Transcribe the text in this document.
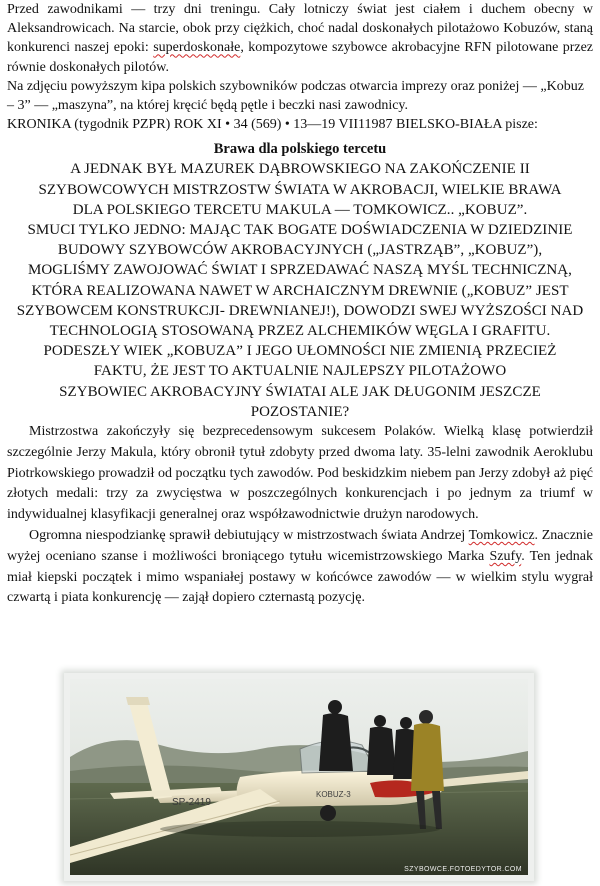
Przed zawodnikami — trzy dni treningu. Cały lotniczy świat jest ciałem i duchem obecny w Aleksandrowicach. Na starcie, obok przy ciężkich, choć nadal doskonałych pilotażowo Kobuzów, staną konkurenci naszej epoki: superdoskonałe, kompozytowe szybowce akrobacyjne RFN pilotowane przez równie doskonałych pilotów.

Na zdjęciu powyższym kipa polskich szybowników podczas otwarcia imprezy oraz poniżej — „Kobuz – 3” — „maszyna”, na której kręcić będą pętle i beczki nasi zawodnicy.

KRONIKA (tygodnik PZPR) ROK XI • 34 (569) • 13—19 VII11987 BIELSKO-BIAŁA pisze:

Brawa dla polskiego tercetu

A JEDNAK BYŁ MAZUREK DĄBROWSKIEGO NA ZAKOŃCZENIE II

SZYBOWCOWYCH MISTRZOSTW ŚWIATA W AKROBACJI, WIELKIE BRAWA

DLA POLSKIEGO TERCETU MAKULA — TOMKOWICZ.. „KOBUZ”.

SMUCI TYLKO JEDNO: MAJĄC TAK BOGATE DOŚWIADCZENIA W DZIEDZINIE

BUDOWY SZYBOWCÓW AKROBACYJNYCH („JASTRZĄB”, „KOBUZ”),

MOGLIŚMY ZAWOJOWAĆ ŚWIAT I SPRZEDAWAĆ NASZĄ MYŚL TECHNICZNĄ,

KTÓRA REALIZOWANA NAWET W ARCHAICZNYM DREWNIE („KOBUZ” JEST

SZYBOWCEM KONSTRUKCJI- DREWNIANEJ!), DOWODZI SWEJ WYŻSZOŚCI NAD

TECHNOLOGIĄ STOSOWANĄ PRZEZ ALCHEMIKÓW WĘGLA I GRAFITU.

PODESZŁY WIEK „KOBUZA” I JEGO UŁOMNOŚCI NIE ZMIENIĄ PRZECIEŻ

FAKTU, ŻE JEST TO AKTUALNIE NAJLEPSZY PILOTAŻOWO

SZYBOWIEC AKROBACYJNY ŚWIATAI ALE JAK DŁUGONIM JESZCZE

POZOSTANIE?

Mistrzostwa zakończyły się bezprecedensowym sukcesem Polaków. Wielką klasę potwierdził szczególnie Jerzy Makula, który obronił tytuł zdobyty przed dwoma laty. 35-lelni zawodnik Aeroklubu Piotrkowskiego prowadził od początku tych zawodów. Pod beskidzkim niebem pan Jerzy zdobył aż pięć złotych medali: trzy za zwycięstwa w poszczególnych konkurencjach i po jednym za triumf w indywidualnej klasyfikacji generalnej oraz współzawodnictwie drużyn narodowych.

Ogromna niespodziankę sprawił debiutujący w mistrzostwach świata Andrzej Tomkowicz. Znacznie wyżej oceniano szanse i możliwości broniącego tytułu wicemistrzowskiego Marka Szufy. Ten jednak miał kiepski początek i mimo wspaniałej postawy w końcówce zawodów — w wielkim stylu wygrał czwartą i piata konkurencję — zajął dopiero czternastą pozycję.

SP-2419
KOBUZ-3
SZYBOWCE.FOTOEDYTOR.COM
